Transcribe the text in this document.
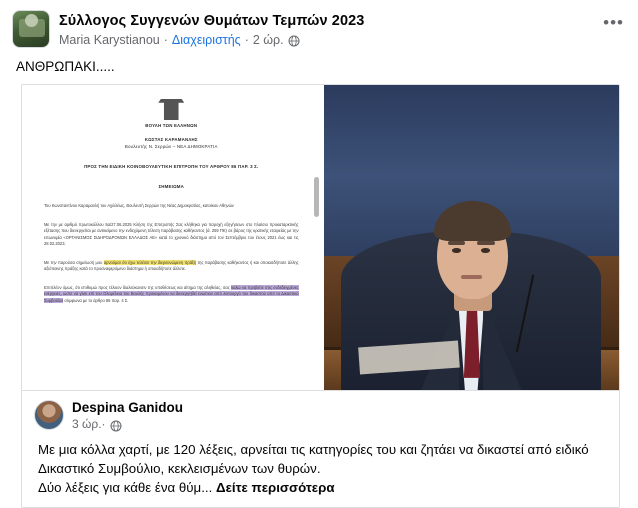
Σύλλογος Συγγενών Θυμάτων Τεμπών 2023
Maria Karystianou · Διαχειριστής · 2 ώρ.
•••
ΑΝΘΡΩΠΑΚΙ.....
ΒΟΥΛΗ ΤΩΝ ΕΛΛΗΝΩΝ
ΚΩΣΤΑΣ ΚΑΡΑΜΑΝΛΗΣ
Βουλευτής Ν. Σερρών – ΝΕΑ ΔΗΜΟΚΡΑΤΙΑ
ΠΡΟΣ ΤΗΝ ΕΙΔΙΚΗ ΚΟΙΝΟΒΟΥΛΕΥΤΙΚΗ ΕΠΙΤΡΟΠΗ ΤΟΥ ΑΡΘΡΟΥ 86 ΠΑΡ. 3 Σ.
ΣΗΜΕΙΩΜΑ
Του Κωνσταντίνου Καραμανλή του Αχιλλέως, Βουλευτή Σερρών της Νέας Δημοκρατίας, κατοίκου Αθηνών
Με την με αριθμό πρωτοκόλλου 5α/27.06.2025 Κλήση της Επιτροπής Σας κλήθηκα για παροχή εξηγήσεων στο πλαίσιο προκαταρκτικής εξέτασης που διενεργείται με αντικείμενο την ενδεχόμενη τέλεση παράβασης καθήκοντος (ά. 259 ΠΚ) σε βάρος της κρατικής εταιρείας με την επωνυμία «ΟΡΓΑΝΙΣΜΟΣ ΣΙΔΗΡΟΔΡΟΜΩΝ ΕΛΛΑΔΟΣ ΑΕ» κατά το χρονικό διάστημα από τον Σεπτέμβριο του έτους 2021 έως και τις 28.02.2023.
Με την παρούσα σημείωσή μου αρνούμαι ότι έχω τελέσει την διερευνώμενη πράξη της παράβασης καθήκοντος ή και οποιασδήποτε άλλης αξιόποινης πράξης κατά το προαναφερόμενο διάστημα ή οποιαδήποτε άλλοτε.
Επιπλέον όμως, ότι επιθυμώ προς τέλειον διαλεύκανσιν της υποθέσεως και αίτημα της αληθείας, σας καλώ να προβείτε στις ενδεδειγμένες ενέργειες, ώστε να γίνει επί του Ολομέλεια του Βουλής προκειμένου να διενεργηθεί ενώπιον από λειτουργό του δικαστού από το Δικαστικό Συμβούλιο σύμφωνα με το άρθρο 86 παρ. 4 Σ.
Despina Ganidou
3 ώρ. ·
Με μια κόλλα χαρτί, με 120 λέξεις, αρνείται τις κατηγορίες του και ζητάει να δικαστεί από ειδικό
Δικαστικό Συμβούλιο, κεκλεισμένων των θυρών.
Δύο λέξεις για κάθε ένα θύμ... Δείτε περισσότερα
